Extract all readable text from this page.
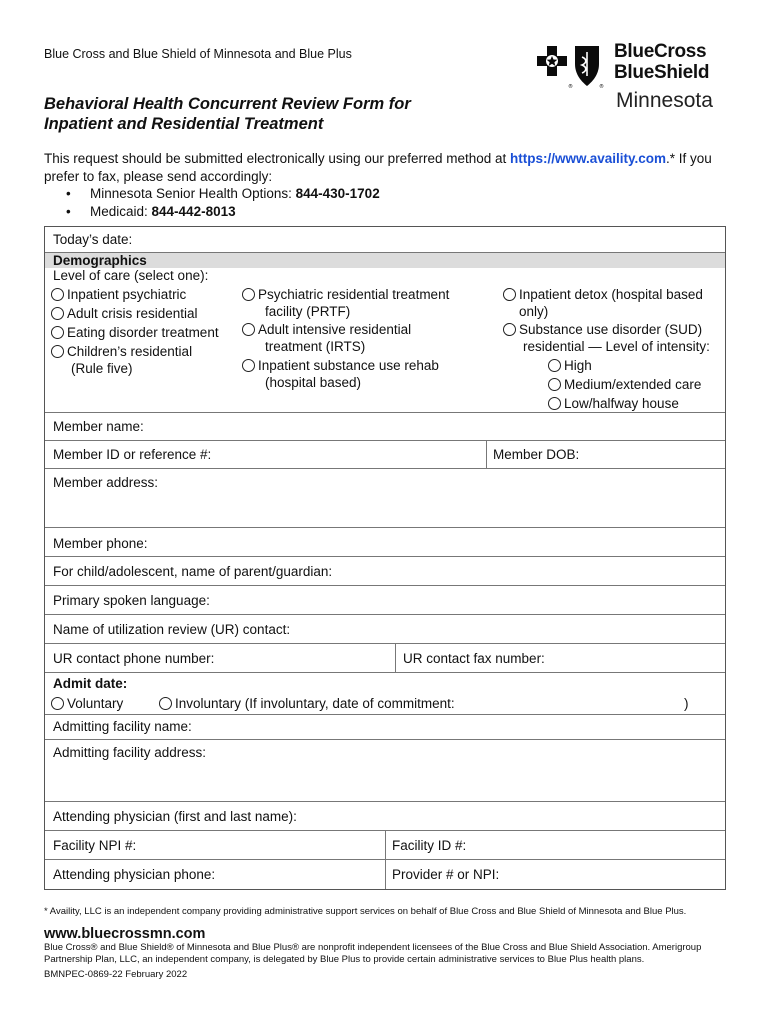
Blue Cross and Blue Shield of Minnesota and Blue Plus
®	®
BlueCross
BlueShield
Minnesota
Behavioral Health Concurrent Review Form for
Inpatient and Residential Treatment
This request should be submitted electronically using our preferred method at https://www.availity.com.* If you prefer to fax, please send accordingly:
• Minnesota Senior Health Options: 844-430-1702
• Medicaid: 844-442-8013
Today’s date:
Demographics
Level of care (select one):
Inpatient psychiatric
Adult crisis residential
Eating disorder treatment
Children’s residential
(Rule five)
Psychiatric residential treatment
facility (PRTF)
Adult intensive residential
treatment (IRTS)
Inpatient substance use rehab
(hospital based)
Inpatient detox (hospital based
only)
Substance use disorder (SUD)
residential — Level of intensity:
High
Medium/extended care
Low/halfway house
Member name:
Member ID or reference #:	Member DOB:
Member address:
Member phone:
For child/adolescent, name of parent/guardian:
Primary spoken language:
Name of utilization review (UR) contact:
UR contact phone number:	UR contact fax number:
Admit date:
Voluntary	Involuntary (If involuntary, date of commitment:	)
Admitting facility name:
Admitting facility address:
Attending physician (first and last name):
Facility NPI #:	Facility ID #:
Attending physician phone:	Provider # or NPI:
* Availity, LLC is an independent company providing administrative support services on behalf of Blue Cross and Blue Shield of Minnesota and Blue Plus.
www.bluecrossmn.com
Blue Cross® and Blue Shield® of Minnesota and Blue Plus® are nonprofit independent licensees of the Blue Cross and Blue Shield Association. Amerigroup Partnership Plan, LLC, an independent company, is delegated by Blue Plus to provide certain administrative services to Blue Plus health plans.
BMNPEC-0869-22 February 2022
